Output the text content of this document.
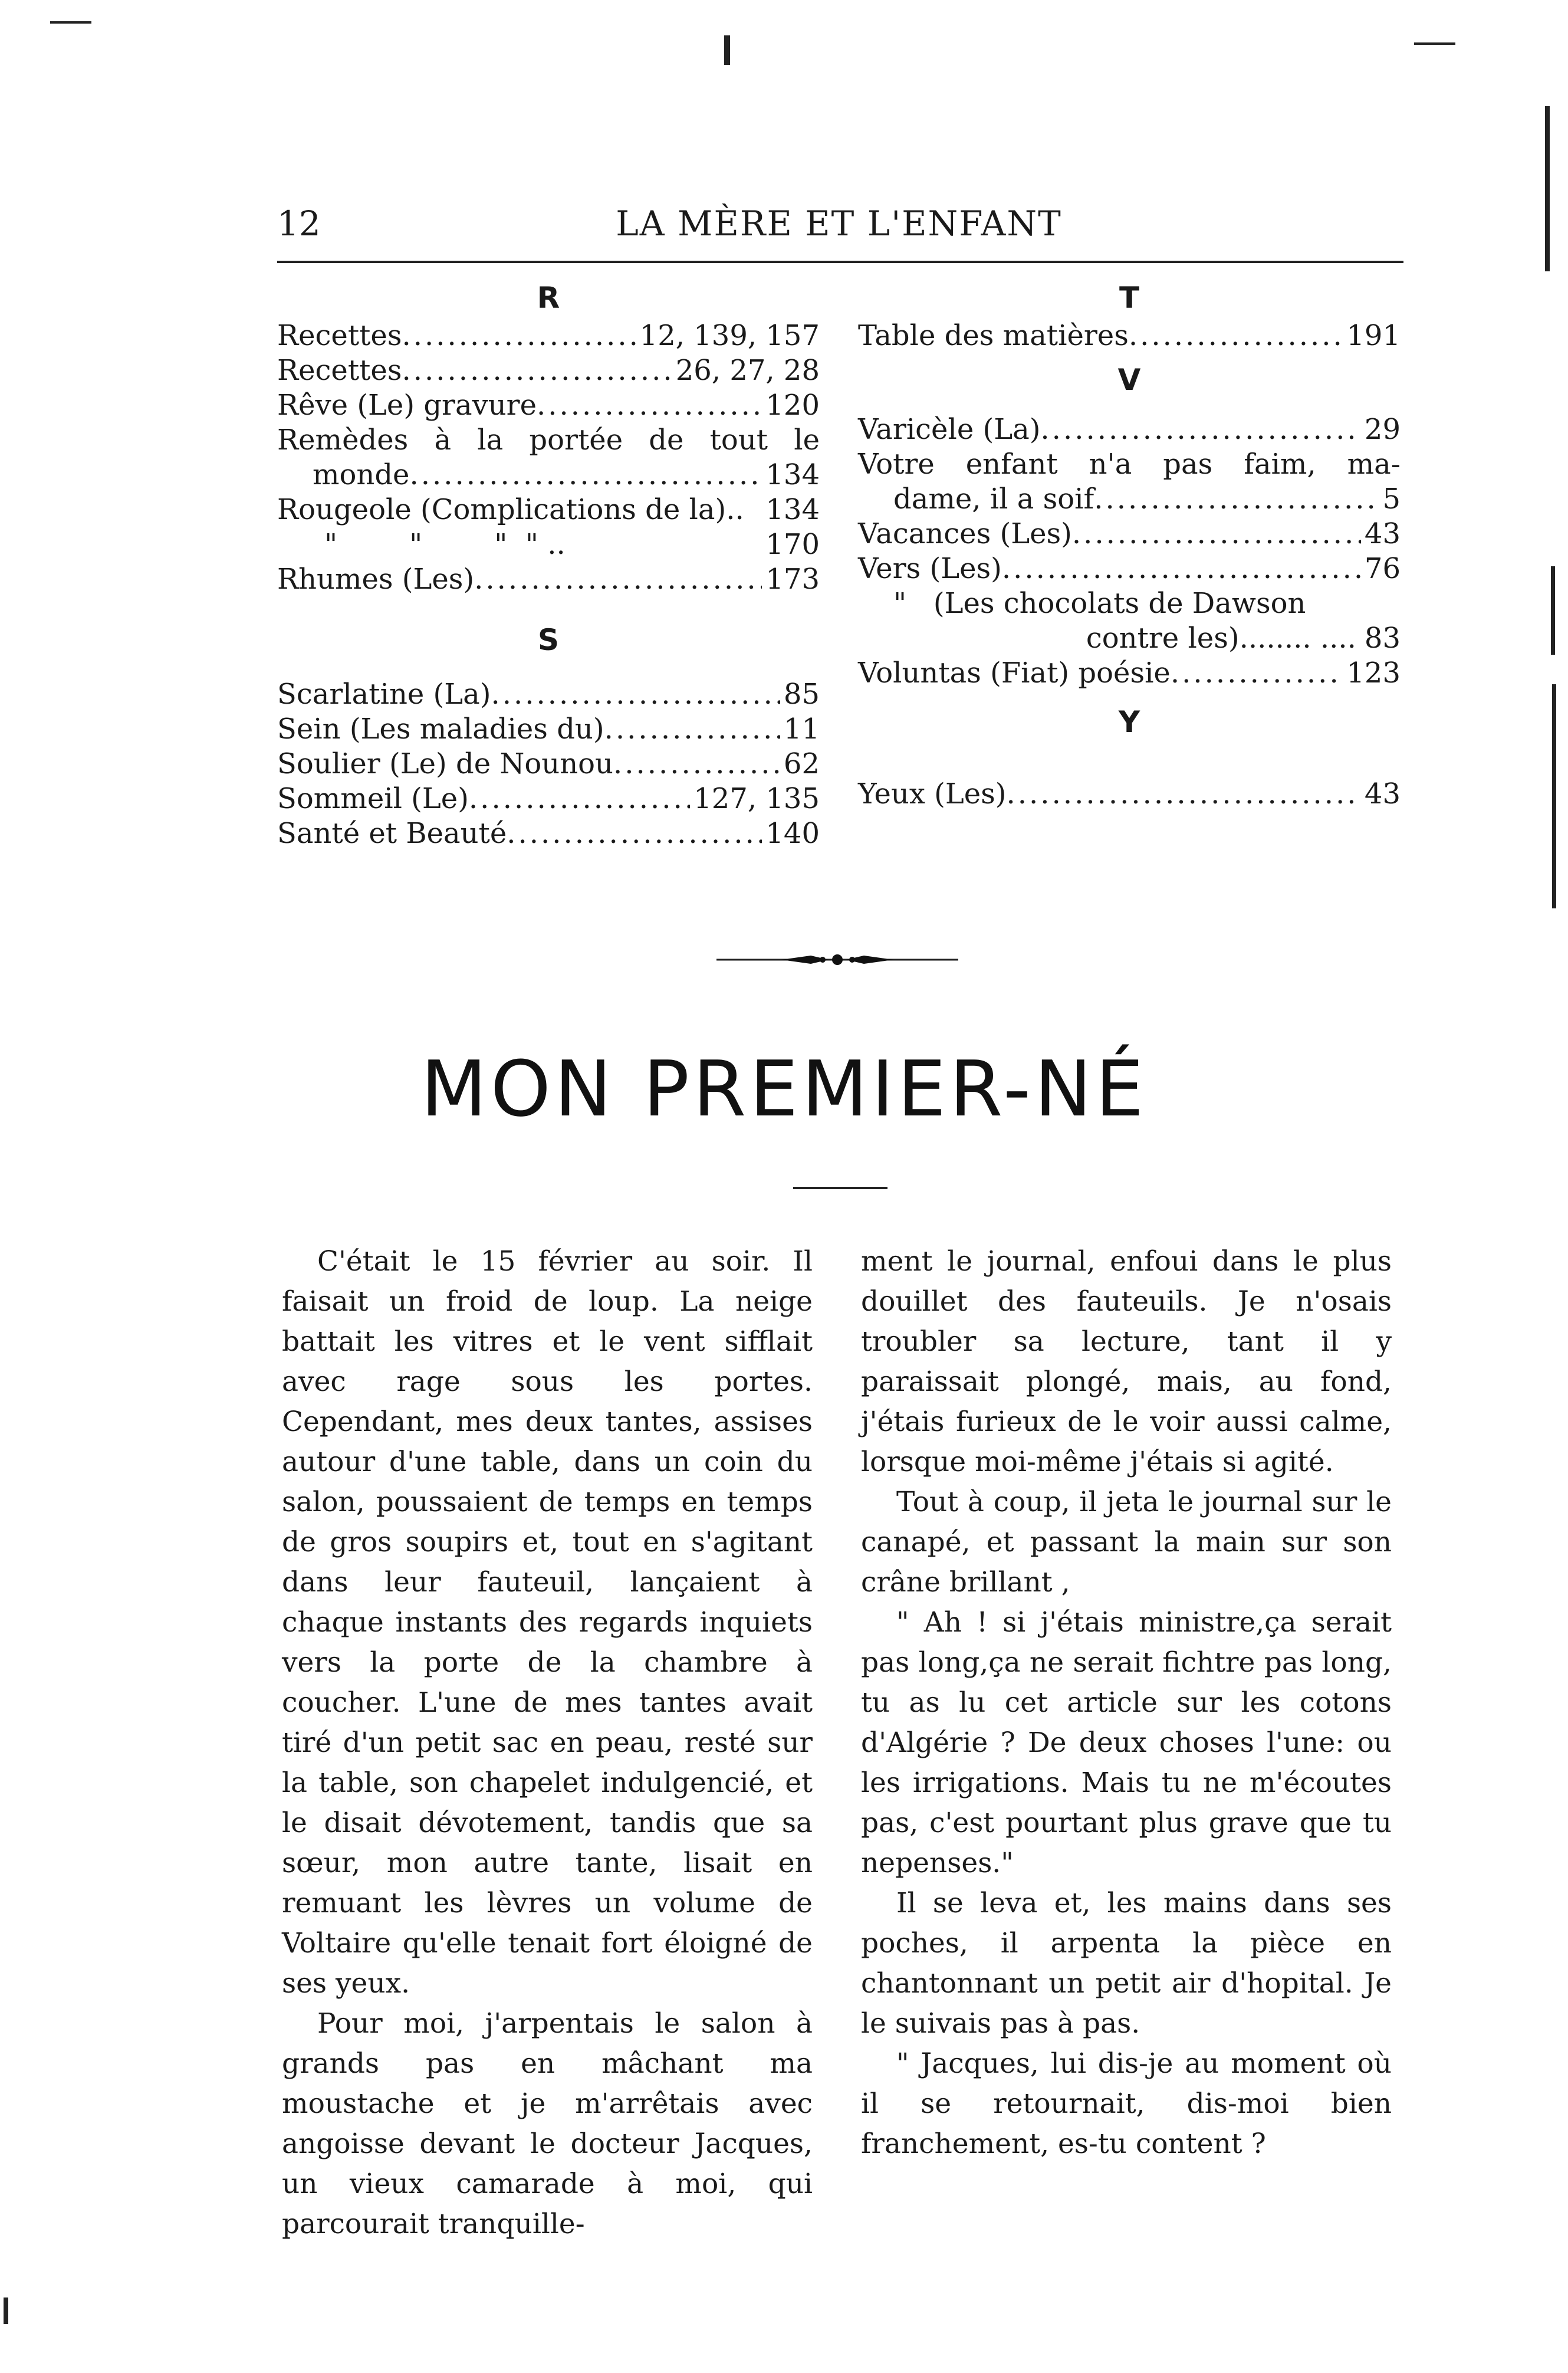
12	LA MÈRE ET L'ENFANT
R
Recettes .....	12, 139, 157
Recettes .....	26, 27, 28
Rêve (Le) gravure .....	120
Remèdes à la portée de tout le
monde .....	134
Rougeole (Complications de la).. 134
"        "        "  " ..	170
Rhumes (Les) .....	173
S
Scarlatine (La) .....	85
Sein (Les maladies du) .....	11
Soulier (Le) de Nounou .....	62
Sommeil (Le) .....	127, 135
Santé et Beauté .....	140
T
Table des matières .....	191
V
Varicèle (La) .....	29
Votre enfant n'a pas faim, ma-
dame, il a soif .....	5
Vacances (Les) .....	43
Vers (Les) .....	76
"   (Les chocolats de Dawson
contre les)........ .... 83
Voluntas (Fiat) poésie .....	123
Y
Yeux (Les) .....	43
MON PREMIER-NÉ

C'était le 15 février au soir. Il faisait un froid de loup. La neige battait les vitres et le vent sifflait avec rage sous les portes. Cependant, mes deux tantes, assises autour d'une table, dans un coin du salon, poussaient de temps en temps de gros soupirs et, tout en s'agitant dans leur fauteuil, lançaient à chaque instants des regards inquiets vers la porte de la chambre à coucher. L'une de mes tantes avait tiré d'un petit sac en peau, resté sur la table, son chapelet indulgencié, et le disait dévotement, tandis que sa sœur, mon autre tante, lisait en remuant les lèvres un volume de Voltaire qu'elle tenait fort éloigné de ses yeux.

Pour moi, j'arpentais le salon à grands pas en mâchant ma moustache et je m'arrêtais avec angoisse devant le docteur Jacques, un vieux camarade à moi, qui parcourait tranquille-

ment le journal, enfoui dans le plus douillet des fauteuils. Je n'osais troubler sa lecture, tant il y paraissait plongé, mais, au fond, j'étais furieux de le voir aussi calme, lorsque moi-même j'étais si agité.

Tout à coup, il jeta le journal sur le canapé, et passant la main sur son crâne brillant ,

" Ah ! si j'étais ministre,ça serait pas long,ça ne serait fichtre pas long, tu as lu cet article sur les cotons d'Algérie ? De deux choses l'une: ou les irrigations. Mais tu ne m'écoutes pas, c'est pourtant plus grave que tu nepenses."

Il se leva et, les mains dans ses poches, il arpenta la pièce en chantonnant un petit air d'hopital. Je le suivais pas à pas.

" Jacques, lui dis-je au moment où il se retournait, dis-moi bien franchement, es-tu content ?
